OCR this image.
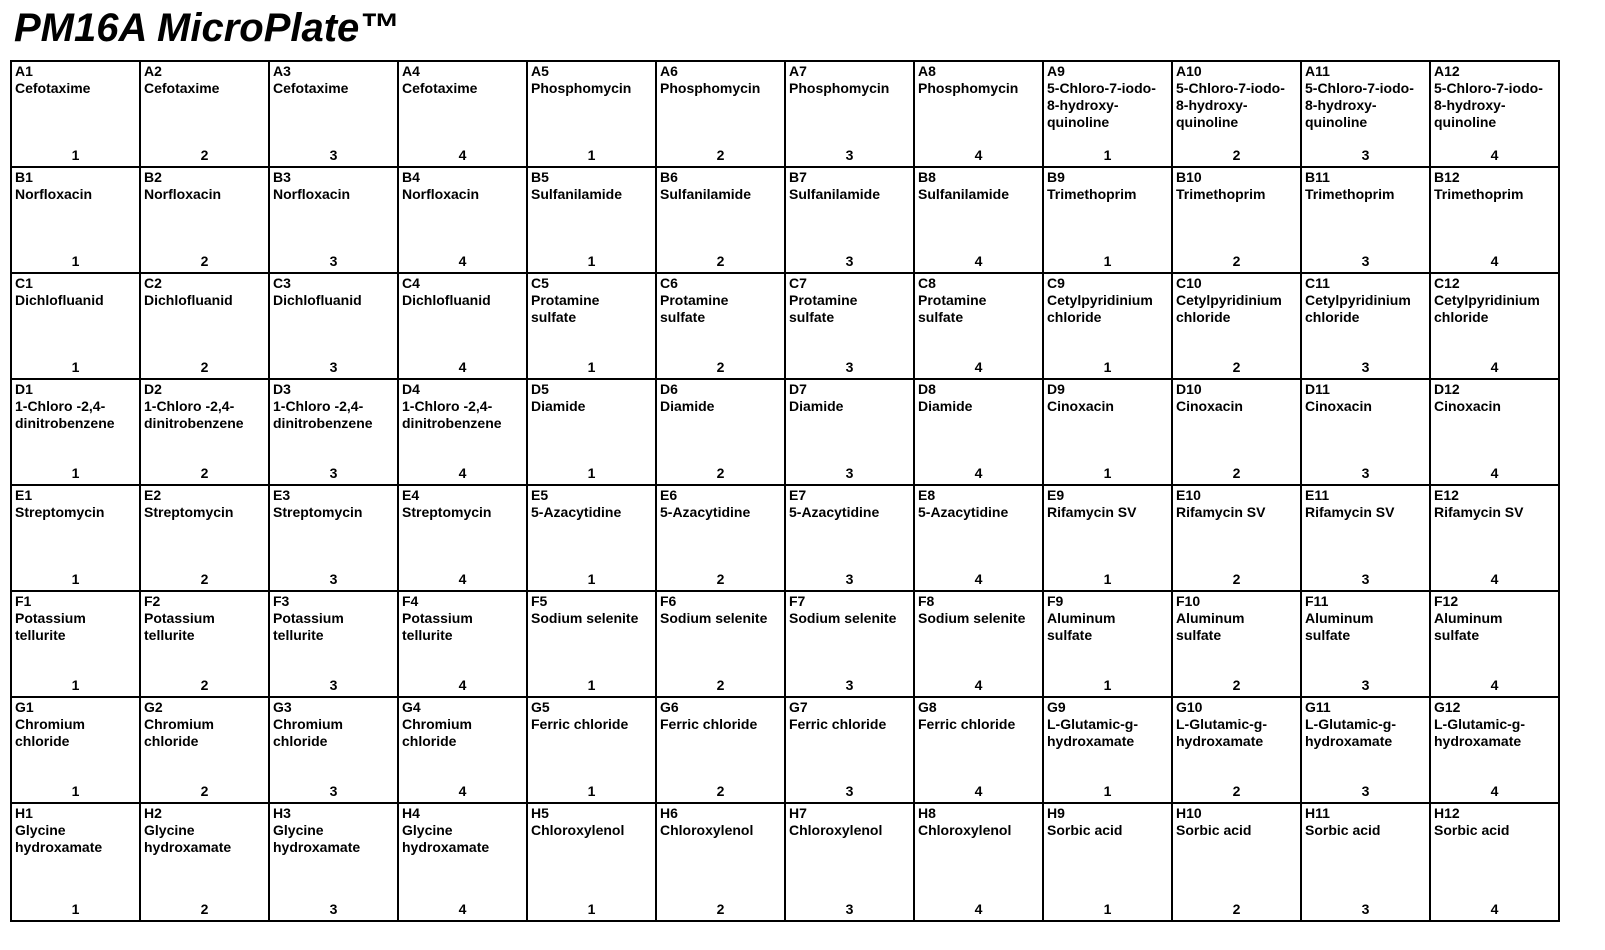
PM16A MicroPlate™
A1
Cefotaxime
1	A2
Cefotaxime
2	A3
Cefotaxime
3	A4
Cefotaxime
4	A5
Phosphomycin
1	A6
Phosphomycin
2	A7
Phosphomycin
3	A8
Phosphomycin
4	A9
5-Chloro-7-iodo-
8-hydroxy-
quinoline
1	A10
5-Chloro-7-iodo-
8-hydroxy-
quinoline
2	A11
5-Chloro-7-iodo-
8-hydroxy-
quinoline
3	A12
5-Chloro-7-iodo-
8-hydroxy-
quinoline
4

B1
Norfloxacin
1	B2
Norfloxacin
2	B3
Norfloxacin
3	B4
Norfloxacin
4	B5
Sulfanilamide
1	B6
Sulfanilamide
2	B7
Sulfanilamide
3	B8
Sulfanilamide
4	B9
Trimethoprim
1	B10
Trimethoprim
2	B11
Trimethoprim
3	B12
Trimethoprim
4

C1
Dichlofluanid
1	C2
Dichlofluanid
2	C3
Dichlofluanid
3	C4
Dichlofluanid
4	C5
Protamine
sulfate
1	C6
Protamine
sulfate
2	C7
Protamine
sulfate
3	C8
Protamine
sulfate
4	C9
Cetylpyridinium
chloride
1	C10
Cetylpyridinium
chloride
2	C11
Cetylpyridinium
chloride
3	C12
Cetylpyridinium
chloride
4

D1
1-Chloro -2,4-
dinitrobenzene
1	D2
1-Chloro -2,4-
dinitrobenzene
2	D3
1-Chloro -2,4-
dinitrobenzene
3	D4
1-Chloro -2,4-
dinitrobenzene
4	D5
Diamide
1	D6
Diamide
2	D7
Diamide
3	D8
Diamide
4	D9
Cinoxacin
1	D10
Cinoxacin
2	D11
Cinoxacin
3	D12
Cinoxacin
4

E1
Streptomycin
1	E2
Streptomycin
2	E3
Streptomycin
3	E4
Streptomycin
4	E5
5-Azacytidine
1	E6
5-Azacytidine
2	E7
5-Azacytidine
3	E8
5-Azacytidine
4	E9
Rifamycin SV
1	E10
Rifamycin SV
2	E11
Rifamycin SV
3	E12
Rifamycin SV
4

F1
Potassium
tellurite
1	F2
Potassium
tellurite
2	F3
Potassium
tellurite
3	F4
Potassium
tellurite
4	F5
Sodium selenite
1	F6
Sodium selenite
2	F7
Sodium selenite
3	F8
Sodium selenite
4	F9
Aluminum
sulfate
1	F10
Aluminum
sulfate
2	F11
Aluminum
sulfate
3	F12
Aluminum
sulfate
4

G1
Chromium
chloride
1	G2
Chromium
chloride
2	G3
Chromium
chloride
3	G4
Chromium
chloride
4	G5
Ferric chloride
1	G6
Ferric chloride
2	G7
Ferric chloride
3	G8
Ferric chloride
4	G9
L-Glutamic-g-
hydroxamate
1	G10
L-Glutamic-g-
hydroxamate
2	G11
L-Glutamic-g-
hydroxamate
3	G12
L-Glutamic-g-
hydroxamate
4

H1
Glycine
hydroxamate
1	H2
Glycine
hydroxamate
2	H3
Glycine
hydroxamate
3	H4
Glycine
hydroxamate
4	H5
Chloroxylenol
1	H6
Chloroxylenol
2	H7
Chloroxylenol
3	H8
Chloroxylenol
4	H9
Sorbic acid
1	H10
Sorbic acid
2	H11
Sorbic acid
3	H12
Sorbic acid
4
